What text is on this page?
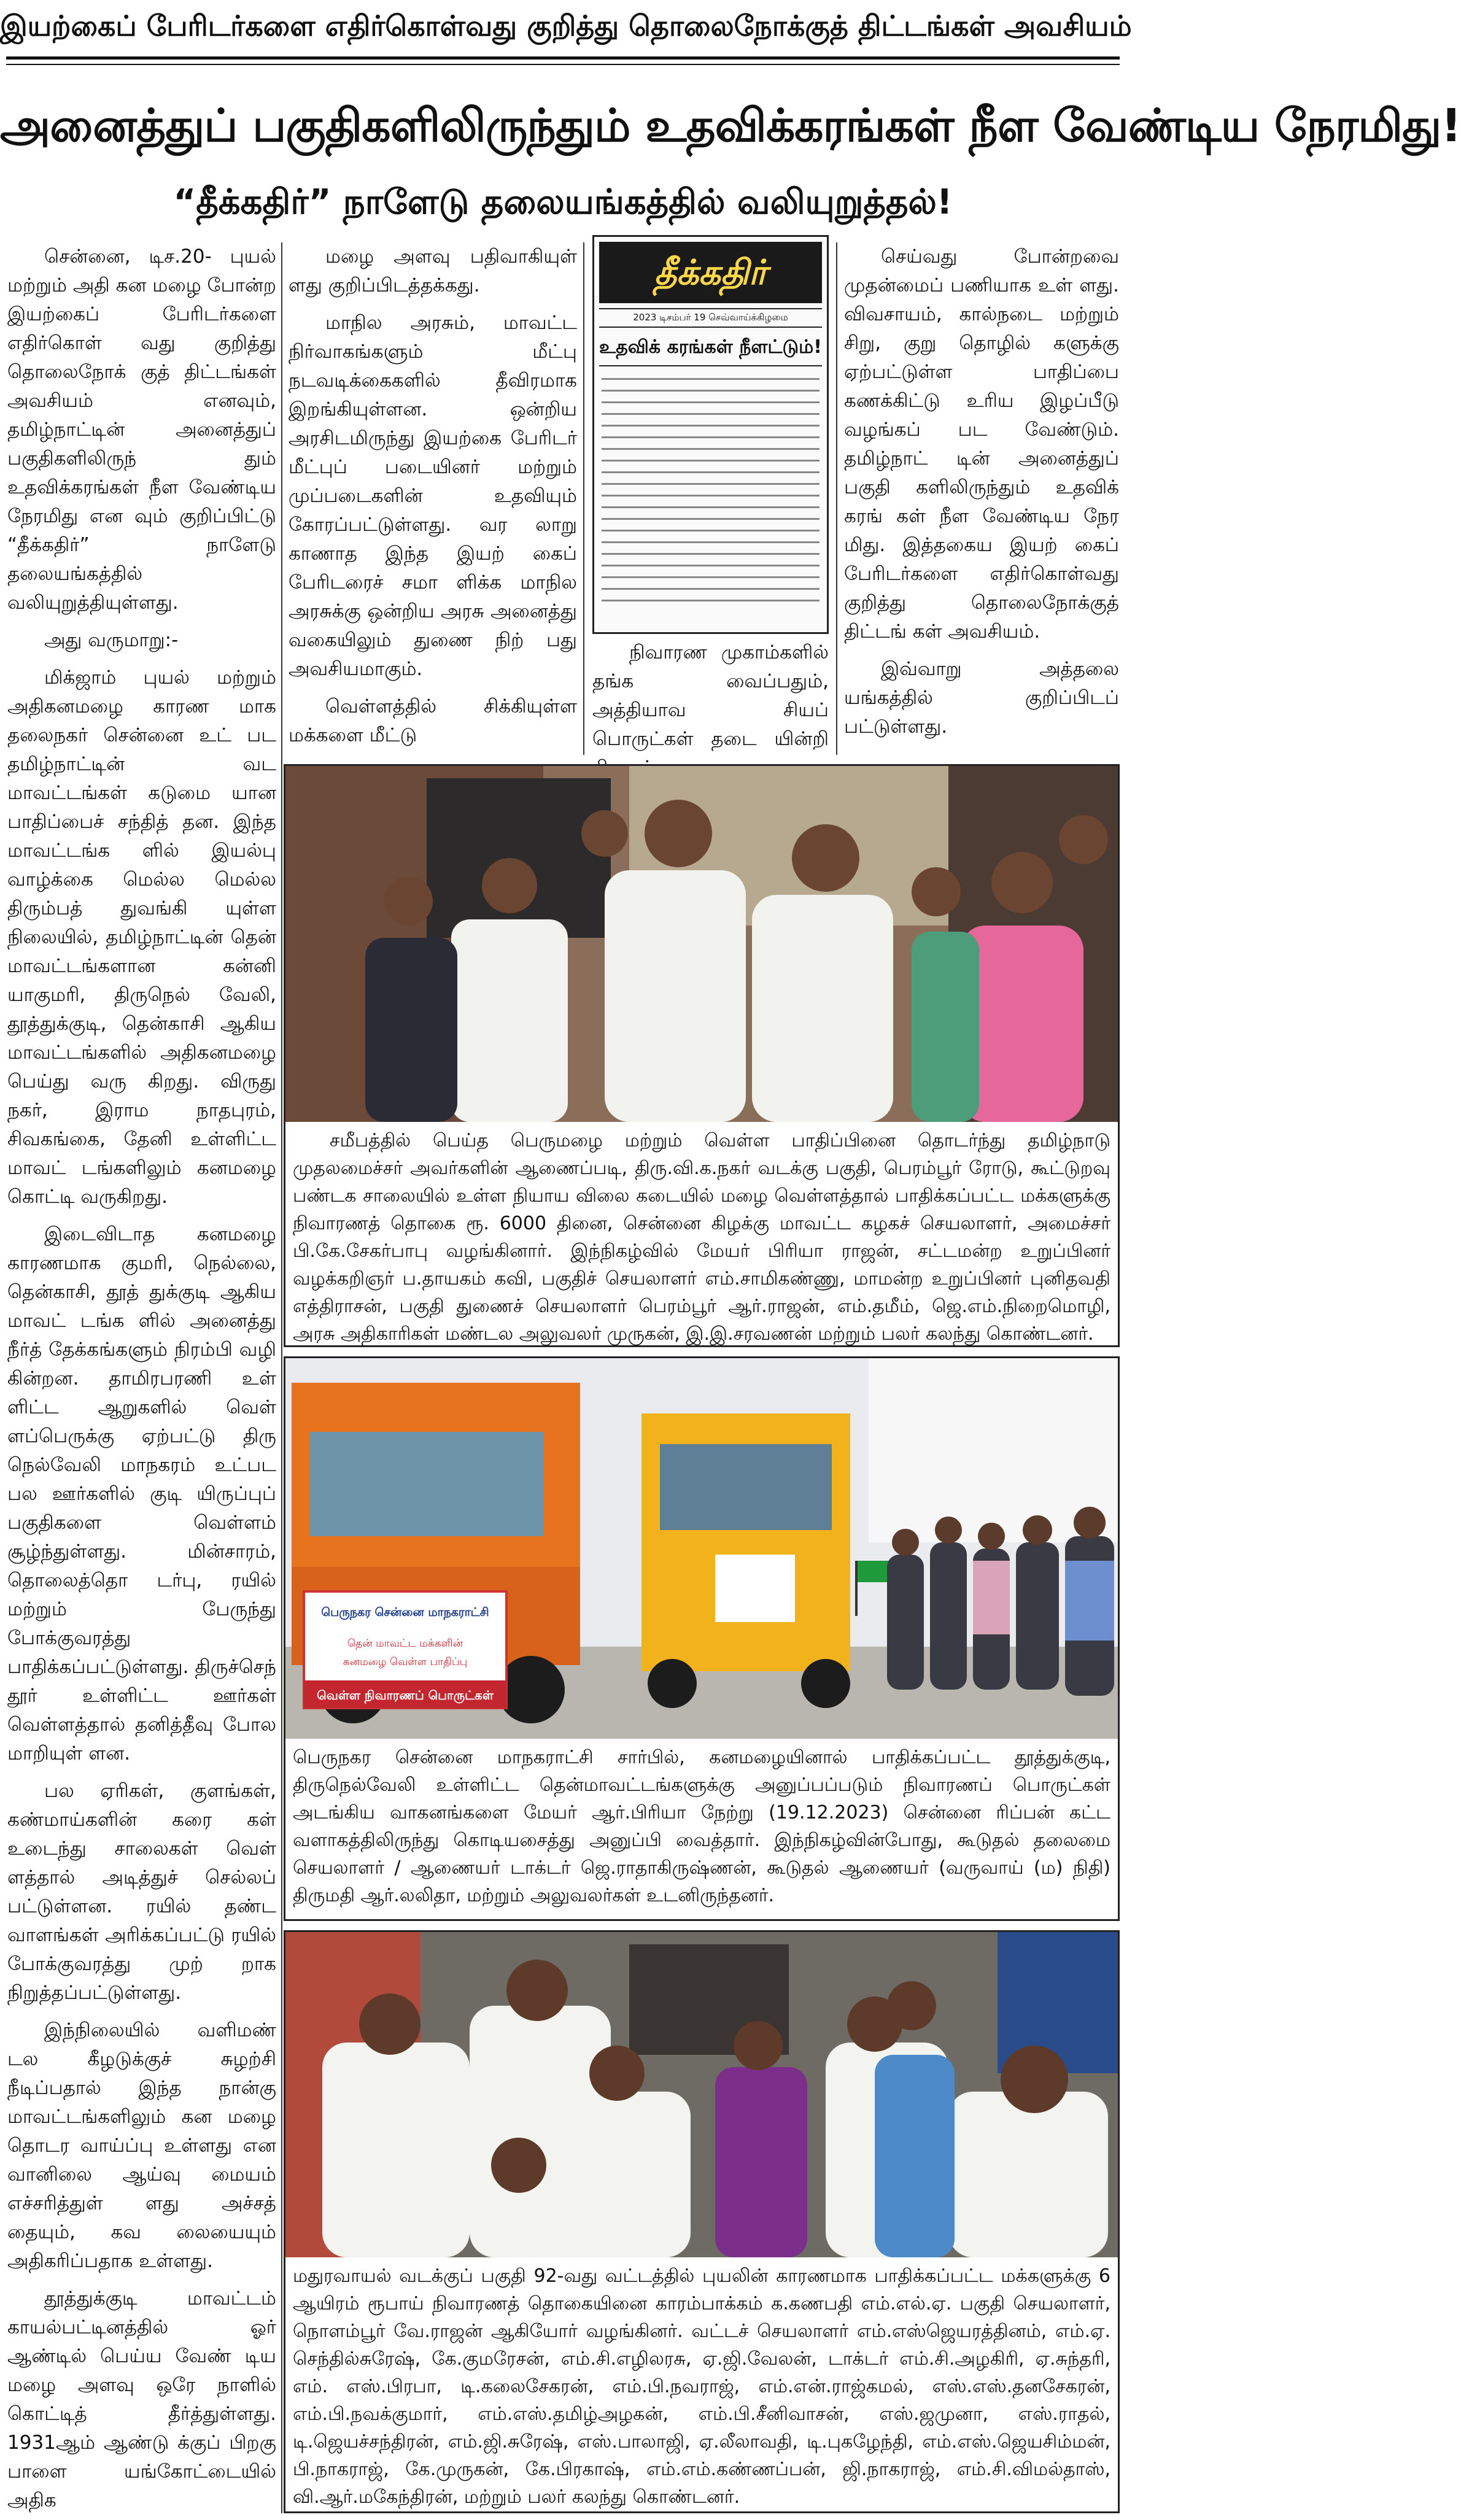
இயற்கைப் பேரிடர்களை எதிர்கொள்வது குறித்து தொலைநோக்குத் திட்டங்கள் அவசியம்
அனைத்துப் பகுதிகளிலிருந்தும் உதவிக்கரங்கள் நீள வேண்டிய நேரமிது!
“தீக்கதிர்” நாளேடு தலையங்கத்தில் வலியுறுத்தல்!

சென்னை, டிச.20- புயல் மற்றும் அதி கன மழை போன்ற இயற்கைப் பேரிடர்களை எதிர்கொள் வது குறித்து தொலைநோக் குத் திட்டங்கள் அவசியம் எனவும், தமிழ்நாட்டின் அனைத்துப் பகுதிகளிலிருந் தும் உதவிக்கரங்கள் நீள வேண்டிய நேரமிது என வும் குறிப்பிட்டு “தீக்கதிர்” நாளேடு தலையங்கத்தில் வலியுறுத்தியுள்ளது.

அது வருமாறு:-

மிக்ஜாம் புயல் மற்றும் அதிகனமழை காரண மாக தலைநகர் சென்னை உட் பட தமிழ்நாட்டின் வட மாவட்டங்கள் கடுமை யான பாதிப்பைச் சந்தித் தன. இந்த மாவட்டங்க ளில் இயல்பு வாழ்க்கை மெல்ல மெல்ல திரும்பத் துவங்கி யுள்ள நிலையில், தமிழ்நாட்டின் தென் மாவட்டங்களான கன்னி யாகுமரி, திருநெல் வேலி, தூத்துக்குடி, தென்காசி ஆகிய மாவட்டங்களில் அதிகனமழை பெய்து வரு கிறது. விருது நகர், இராம நாதபுரம், சிவகங்கை, தேனி உள்ளிட்ட மாவட் டங்களிலும் கனமழை கொட்டி வருகிறது.

இடைவிடாத கனமழை காரணமாக குமரி, நெல்லை, தென்காசி, தூத் துக்குடி ஆகிய மாவட் டங்க ளில் அனைத்து நீர்த் தேக்கங்களும் நிரம்பி வழி கின்றன. தாமிரபரணி உள் ளிட்ட ஆறுகளில் வெள் ளப்பெருக்கு ஏற்பட்டு திரு நெல்வேலி மாநகரம் உட்பட பல ஊர்களில் குடி யிருப்புப் பகுதிகளை வெள்ளம் சூழ்ந்துள்ளது. மின்சாரம், தொலைத்தொ டர்பு, ரயில் மற்றும் பேருந்து போக்குவரத்து பாதிக்கப்பட்டுள்ளது. திருச்செந் தூர் உள்ளிட்ட ஊர்கள் வெள்ளத்தால் தனித்தீவு போல மாறியுள் ளன.

பல ஏரிகள், குளங்கள், கண்மாய்களின் கரை கள் உடைந்து சாலைகள் வெள் ளத்தால் அடித்துச் செல்லப் பட்டுள்ளன. ரயில் தண்ட வாளங்கள் அரிக்கப்பட்டு ரயில் போக்குவரத்து முற் றாக நிறுத்தப்பட்டுள்ளது.

இந்நிலையில் வளிமண் டல கீழடுக்குச் சுழற்சி நீடிப்பதால் இந்த நான்கு மாவட்டங்களிலும் கன மழை தொடர வாய்ப்பு உள்ளது என வானிலை ஆய்வு மையம் எச்சரித்துள் ளது அச்சத் தையும், கவ லையையும் அதிகரிப்பதாக உள்ளது.

தூத்துக்குடி மாவட்டம் காயல்பட்டினத்தில் ஓர் ஆண்டில் பெய்ய வேண் டிய மழை அளவு ஒரே நாளில் கொட்டித் தீர்த்துள்ளது. 1931ஆம் ஆண்டு க்குப் பிறகு பாளை யங்கோட்டையில் அதிக

மழை அளவு பதிவாகியுள் ளது குறிப்பிடத்தக்கது.

மாநில அரசும், மாவட்ட நிர்வாகங்களும் மீட்பு நடவடிக்கைகளில் தீவிரமாக இறங்கியுள்ளன. ஒன்றிய அரசிடமிருந்து இயற்கை பேரிடர் மீட்புப் படையினர் மற்றும் முப்படைகளின் உதவியும் கோரப்பட்டுள்ளது. வர லாறு காணாத இந்த இயற் கைப் பேரிடரைச் சமா ளிக்க மாநில அரசுக்கு ஒன்றிய அரசு அனைத்து வகையிலும் துணை நிற் பது அவசியமாகும்.

வெள்ளத்தில் சிக்கியுள்ள மக்களை மீட்டு

தீக்கதிர்
2023 டிசம்பர் 19 செவ்வாய்க்கிழமை
உதவிக் கரங்கள் நீளட்டும்!

நிவாரண முகாம்களில் தங்க வைப்பதும், அத்தியாவ சியப் பொருட்கள் தடை யின்றி

செய்வது போன்றவை முதன்மைப் பணியாக உள் ளது. விவசாயம், கால்நடை மற்றும் சிறு, குறு தொழில் களுக்கு ஏற்பட்டுள்ள பாதிப்பை கணக்கிட்டு உரிய இழப்பீடு வழங்கப் பட வேண்டும். தமிழ்நாட் டின் அனைத்துப் பகுதி களிலிருந்தும் உதவிக் கரங் கள் நீள வேண்டிய நேர மிது. இத்தகைய இயற் கைப் பேரிடர்களை எதிர்கொள்வது குறித்து தொலைநோக்குத் திட்டங் கள் அவசியம்.

இவ்வாறு அத்தலை யங்கத்தில் குறிப்பிடப் பட்டுள்ளது.

சமீபத்தில் பெய்த பெருமழை மற்றும் வெள்ள பாதிப்பினை தொடர்ந்து தமிழ்நாடு முதலமைச்சர் அவர்களின் ஆணைப்படி, திரு.வி.க.நகர் வடக்கு பகுதி, பெரம்பூர் ரோடு, கூட்டுறவு பண்டக சாலையில் உள்ள நியாய விலை கடையில் மழை வெள்ளத்தால் பாதிக்கப்பட்ட மக்களுக்கு நிவாரணத் தொகை ரூ. 6000 தினை, சென்னை கிழக்கு மாவட்ட கழகச் செயலாளர், அமைச்சர் பி.கே.சேகர்பாபு வழங்கினார். இந்நிகழ்வில் மேயர் பிரியா ராஜன், சட்டமன்ற உறுப்பினர் வழக்கறிஞர் ப.தாயகம் கவி, பகுதிச் செயலாளர் எம்.சாமிகண்ணு, மாமன்ற உறுப்பினர் புனிதவதி எத்திராசன், பகுதி துணைச் செயலாளர் பெரம்பூர் ஆர்.ராஜன், எம்.தமீம், ஜெ.எம்.நிறைமொழி, அரசு அதிகாரிகள் மண்டல அலுவலர் முருகன், இ.இ.சரவணன் மற்றும் பலர் கலந்து கொண்டனர்.
பெருநகர சென்னை மாநகராட்சி
தென் மாவட்ட மக்களின்
கனமழை வெள்ள பாதிப்பு
வெள்ள நிவாரணப் பொருட்கள்
பெருநகர சென்னை மாநகராட்சி சார்பில், கனமழையினால் பாதிக்கப்பட்ட தூத்துக்குடி, திருநெல்வேலி உள்ளிட்ட தென்மாவட்டங்களுக்கு அனுப்பப்படும் நிவாரணப் பொருட்கள் அடங்கிய வாகனங்களை மேயர் ஆர்.பிரியா நேற்று (19.12.2023) சென்னை ரிப்பன் கட்ட வளாகத்திலிருந்து கொடியசைத்து அனுப்பி வைத்தார். இந்நிகழ்வின்போது, கூடுதல் தலைமை செயலாளர் / ஆணையர் டாக்டர் ஜெ.ராதாகிருஷ்ணன், கூடுதல் ஆணையர் (வருவாய் (ம) நிதி) திருமதி ஆர்.லலிதா, மற்றும் அலுவலர்கள் உடனிருந்தனர்.
மதுரவாயல் வடக்குப் பகுதி 92-வது வட்டத்தில் புயலின் காரணமாக பாதிக்கப்பட்ட மக்களுக்கு 6 ஆயிரம் ரூபாய் நிவாரணத் தொகையினை காரம்பாக்கம் க.கணபதி எம்.எல்.ஏ. பகுதி செயலாளர், நொளம்பூர் வே.ராஜன் ஆகியோர் வழங்கினர். வட்டச் செயலாளர் எம்.எஸ்ஜெயரத்தினம், எம்.ஏ. செந்தில்சுரேஷ், கே.குமரேசன், எம்.சி.எழிலரசு, ஏ.ஜி.வேலன், டாக்டர் எம்.சி.அழகிரி, ஏ.சுந்தரி, எம். எஸ்.பிரபா, டி.கலைசேகரன், எம்.பி.நவராஜ், எம்.என்.ராஜ்கமல், எஸ்.எஸ்.தனசேகரன், எம்.பி.நவக்குமார், எம்.எஸ்.தமிழ்அழகன், எம்.பி.சீனிவாசன், எஸ்.ஜமுனா, எஸ்.ராதல், டி.ஜெயச்சந்திரன், எம்.ஜி.சுரேஷ், எஸ்.பாலாஜி, ஏ.லீலாவதி, டி.புகழேந்தி, எம்.எஸ்.ஜெயசிம்மன், பி.நாகராஜ், கே.முருகன், கே.பிரகாஷ், எம்.எம்.கண்ணப்பன், ஜி.நாகராஜ், எம்.சி.விமல்தாஸ், வி.ஆர்.மகேந்திரன், மற்றும் பலர் கலந்து கொண்டனர்.
